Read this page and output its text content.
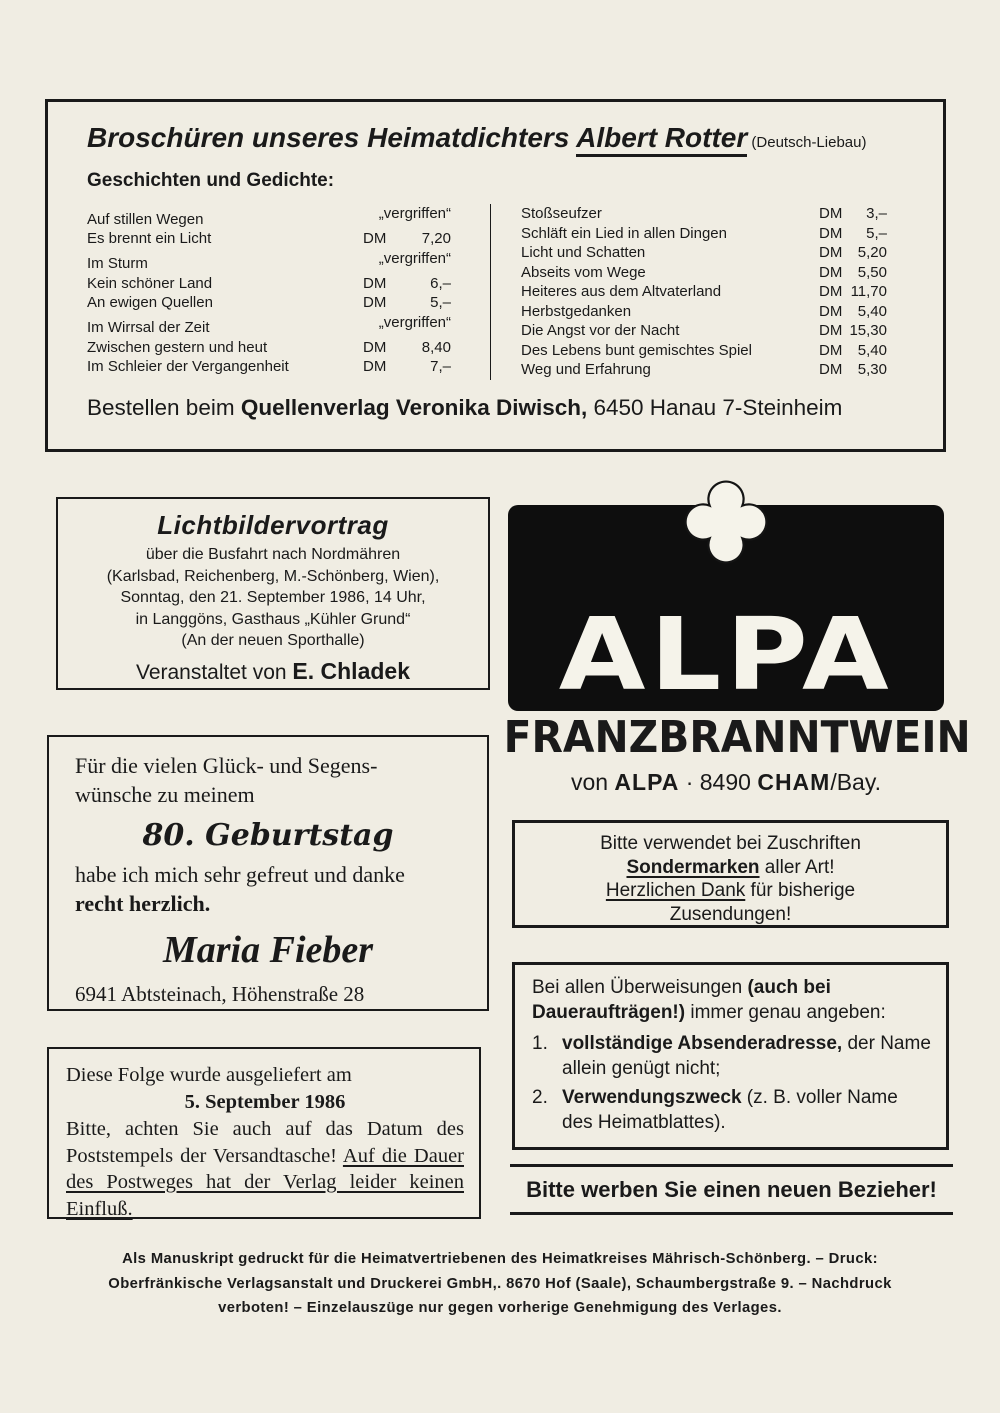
Broschüren unseres Heimatdichters Albert Rotter (Deutsch-Liebau)
Geschichten und Gedichte:
Auf stillen Wegen	„vergriffen“
Es brennt ein Licht	DM 7,20
Im Sturm	„vergriffen“
Kein schöner Land	DM	6,–
An ewigen Quellen	DM	5,–
Im Wirrsal der Zeit	„vergriffen“
Zwischen gestern und heut	DM 8,40
Im Schleier der Vergangenheit	DM	7,–
Stoßseufzer	DM 3,–
Schläft ein Lied in allen Dingen	DM 5,–
Licht und Schatten	DM 5,20
Abseits vom Wege	DM 5,50
Heiteres aus dem Altvaterland	DM 11,70
Herbstgedanken	DM 5,40
Die Angst vor der Nacht	DM 15,30
Des Lebens bunt gemischtes Spiel	DM 5,40
Weg und Erfahrung	DM 5,30
Bestellen beim Quellenverlag Veronika Diwisch, 6450 Hanau 7-Steinheim
Lichtbildervortrag
über die Busfahrt nach Nordmähren
(Karlsbad, Reichenberg, M.-Schönberg, Wien),
Sonntag, den 21. September 1986, 14 Uhr,
in Langgöns, Gasthaus „Kühler Grund“
(An der neuen Sporthalle)
Veranstaltet von E. Chladek	ALPA
FRANZBRANNTWEIN
von ALPA · 8490 CHAM/Bay.
Für die vielen Glück- und Segens-
wünsche zu meinem
80. Geburtstag
habe ich mich sehr gefreut und danke
recht herzlich.
Maria Fieber
6941 Abtsteinach, Höhenstraße 28
Bitte verwendet bei Zuschriften
Sondermarken aller Art!
Herzlichen Dank für bisherige
Zusendungen!
Bei allen Überweisungen (auch bei Daueraufträgen!) immer genau angeben:
1. vollständige Absenderadresse, der Name allein genügt nicht;
2. Verwendungszweck (z. B. voller Name des Heimatblattes).
Diese Folge wurde ausgeliefert am
5. September 1986
Bitte, achten Sie auch auf das Datum des Poststempels der Versandtasche! Auf die Dauer des Postweges hat der Verlag leider keinen Einfluß.
Bitte werben Sie einen neuen Bezieher!
Als Manuskript gedruckt für die Heimatvertriebenen des Heimatkreises Mährisch-Schönberg. – Druck:
Oberfränkische Verlagsanstalt und Druckerei GmbH,. 8670 Hof (Saale), Schaumbergstraße 9. – Nachdruck
verboten! – Einzelauszüge nur gegen vorherige Genehmigung des Verlages.
